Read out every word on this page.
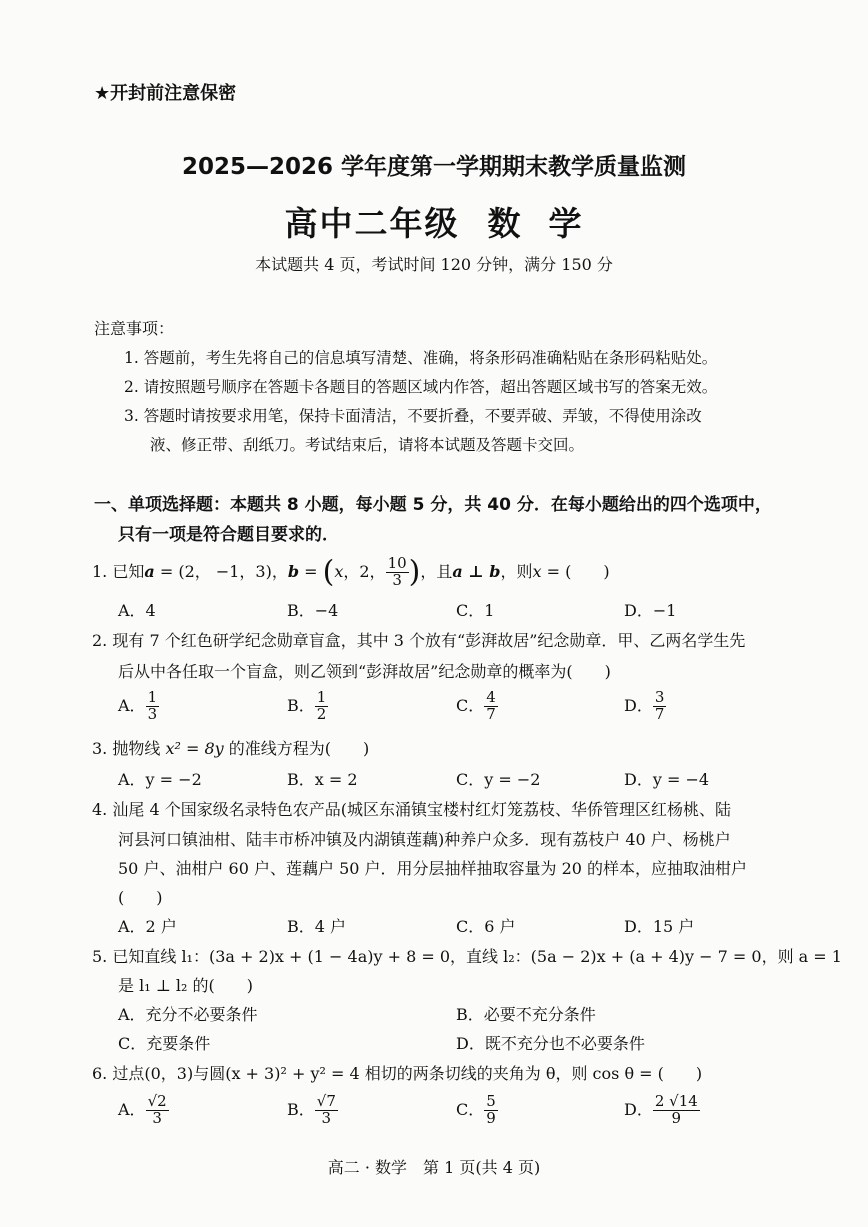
★开封前注意保密
2025—2026 学年度第一学期期末教学质量监测
高中二年级 数 学
本试题共 4 页，考试时间 120 分钟，满分 150 分
注意事项：
1. 答题前，考生先将自己的信息填写清楚、准确，将条形码准确粘贴在条形码粘贴处。
2. 请按照题号顺序在答题卡各题目的答题区域内作答，超出答题区域书写的答案无效。
3. 答题时请按要求用笔，保持卡面清洁，不要折叠，不要弄破、弄皱，不得使用涂改
液、修正带、刮纸刀。考试结束后，请将本试题及答题卡交回。
一、单项选择题：本题共 8 小题，每小题 5 分，共 40 分．在每小题给出的四个选项中，
只有一项是符合题目要求的．
1. 已知a = (2， −1，3)，b = (x，2， $\frac{10}{3}$ )，且a ⊥ b，则x = (　　)
A．4	B．−4	C．1	D．−1
2. 现有 7 个红色研学纪念勋章盲盒，其中 3 个放有“彭湃故居”纪念勋章．甲、乙两名学生先
后从中各任取一个盲盒，则乙领到“彭湃故居”纪念勋章的概率为(　　)
A． $\frac{1}{3}$	B． $\frac{1}{2}$	C． $\frac{4}{7}$	D． $\frac{3}{7}$
3. 抛物线 x² = 8y 的准线方程为(　　)
A．y = −2	B．x = 2	C．y = −2	D．y = −4
4. 汕尾 4 个国家级名录特色农产品(城区东涌镇宝楼村红灯笼荔枝、华侨管理区红杨桃、陆
河县河口镇油柑、陆丰市桥冲镇及内湖镇莲藕)种养户众多．现有荔枝户 40 户、杨桃户
50 户、油柑户 60 户、莲藕户 50 户．用分层抽样抽取容量为 20 的样本，应抽取油柑户
(　　)
A．2 户	B．4 户	C．6 户	D．15 户
5. 已知直线 l₁：(3a + 2)x + (1 − 4a)y + 8 = 0，直线 l₂：(5a − 2)x + (a + 4)y − 7 = 0，则 a = 1
是 l₁ ⊥ l₂ 的(　　)
A．充分不必要条件	B．必要不充分条件
C．充要条件	D．既不充分也不必要条件
6. 过点(0，3)与圆(x + 3)² + y² = 4 相切的两条切线的夹角为 θ，则 cos θ = (　　)
A． $\frac{√2}{3}$	B． $\frac{√7}{3}$	C． $\frac{5}{9}$	D． $\frac{2 √14}{9}$
高二 · 数学　第 1 页(共 4 页)
